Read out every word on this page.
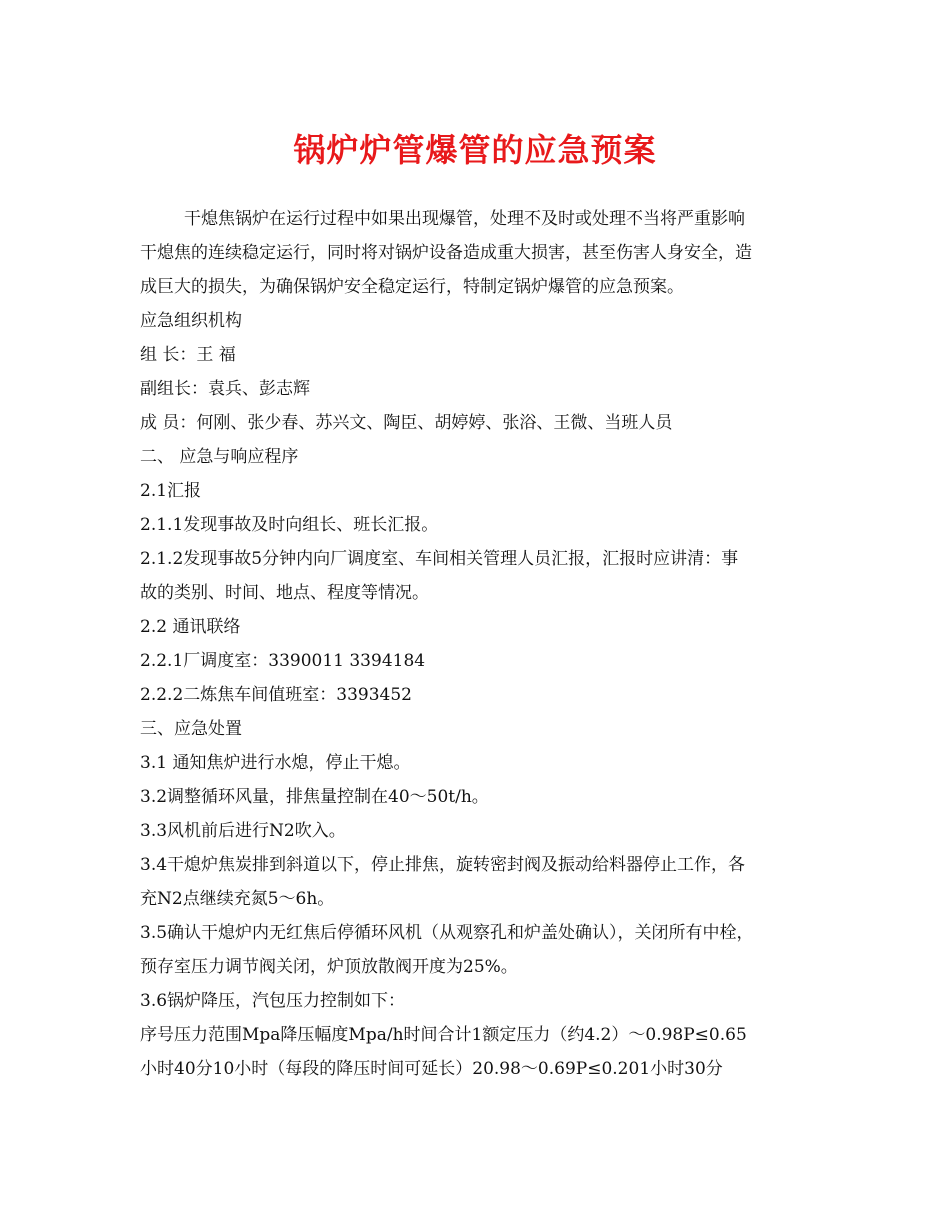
锅炉炉管爆管的应急预案
干熄焦锅炉在运行过程中如果出现爆管，处理不及时或处理不当将严重影响
干熄焦的连续稳定运行，同时将对锅炉设备造成重大损害，甚至伤害人身安全，造
成巨大的损失，为确保锅炉安全稳定运行，特制定锅炉爆管的应急预案。
应急组织机构
组 长：王 福
副组长：袁兵、彭志辉
成 员：何刚、张少春、苏兴文、陶臣、胡婷婷、张浴、王微、当班人员
二、 应急与响应程序
2.1汇报
2.1.1发现事故及时向组长、班长汇报。
2.1.2发现事故5分钟内向厂调度室、车间相关管理人员汇报，汇报时应讲清：事
故的类别、时间、地点、程度等情况。
2.2 通讯联络
2.2.1厂调度室：3390011 3394184
2.2.2二炼焦车间值班室：3393452
三、应急处置
3.1 通知焦炉进行水熄，停止干熄。
3.2调整循环风量，排焦量控制在40～50t/h。
3.3风机前后进行N2吹入。
3.4干熄炉焦炭排到斜道以下，停止排焦，旋转密封阀及振动给料器停止工作，各
充N2点继续充氮5～6h。
3.5确认干熄炉内无红焦后停循环风机（从观察孔和炉盖处确认），关闭所有中栓，
预存室压力调节阀关闭，炉顶放散阀开度为25%。
3.6锅炉降压，汽包压力控制如下：
序号压力范围Mpa降压幅度Mpa/h时间合计1额定压力（约4.2）～0.98P≤0.65
小时40分10小时（每段的降压时间可延长）20.98～0.69P≤0.201小时30分
